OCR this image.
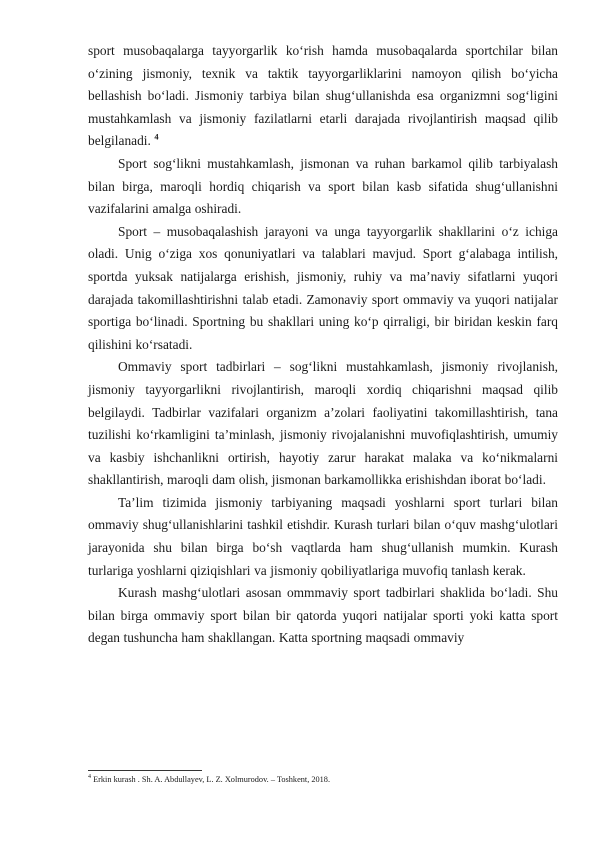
sport musobaqalarga tayyorgarlik ko‘rish hamda musobaqalarda sportchilar bilan o‘zining jismoniy, texnik va taktik tayyorgarliklarini namoyon qilish bo‘yicha bellashish bo‘ladi. Jismoniy tarbiya bilan shug‘ullanishda esa organizmni sog‘ligini mustahkamlash va jismoniy fazilatlarni etarli darajada rivojlantirish maqsad qilib belgilanadi. $^4$

Sport sog‘likni mustahkamlash, jismonan va ruhan barkamol qilib tarbiyalash bilan birga, maroqli hordiq chiqarish va sport bilan kasb sifatida shug‘ullanishni vazifalarini amalga oshiradi.

Sport – musobaqalashish jarayoni va unga tayyorgarlik shakllarini o‘z ichiga oladi. Unig o‘ziga xos qonuniyatlari va talablari mavjud. Sport g‘alabaga intilish, sportda yuksak natijalarga erishish, jismoniy, ruhiy va ma’naviy sifatlarni yuqori darajada takomillashtirishni talab etadi. Zamonaviy sport ommaviy va yuqori natijalar sportiga bo‘linadi. Sportning bu shakllari uning ko‘p qirraligi, bir biridan keskin farq qilishini ko‘rsatadi.

Ommaviy sport tadbirlari – sog‘likni mustahkamlash, jismoniy rivojlanish, jismoniy tayyorgarlikni rivojlantirish, maroqli xordiq chiqarishni maqsad qilib belgilaydi. Tadbirlar vazifalari organizm a’zolari faoliyatini takomillashtirish, tana tuzilishi ko‘rkamligini ta’minlash, jismoniy rivojalanishni muvofiqlashtirish, umumiy va kasbiy ishchanlikni ortirish, hayotiy zarur harakat malaka va ko‘nikmalarni shakllantirish, maroqli dam olish, jismonan barkamollikka erishishdan iborat bo‘ladi.

Ta’lim tizimida jismoniy tarbiyaning maqsadi yoshlarni sport turlari bilan ommaviy shug‘ullanishlarini tashkil etishdir. Kurash turlari bilan o‘quv mashg‘ulotlari jarayonida shu bilan birga bo‘sh vaqtlarda ham shug‘ullanish mumkin. Kurash turlariga yoshlarni qiziqishlari va jismoniy qobiliyatlariga muvofiq tanlash kerak.

Kurash mashg‘ulotlari asosan ommmaviy sport tadbirlari shaklida bo‘ladi. Shu bilan birga ommaviy sport bilan bir qatorda yuqori natijalar sporti yoki katta sport degan tushuncha ham shakllangan. Katta sportning maqsadi ommaviy

$^4$ Erkin kurash . Sh. A. Abdullayev, L. Z. Xolmurodov. – Toshkent, 2018.
